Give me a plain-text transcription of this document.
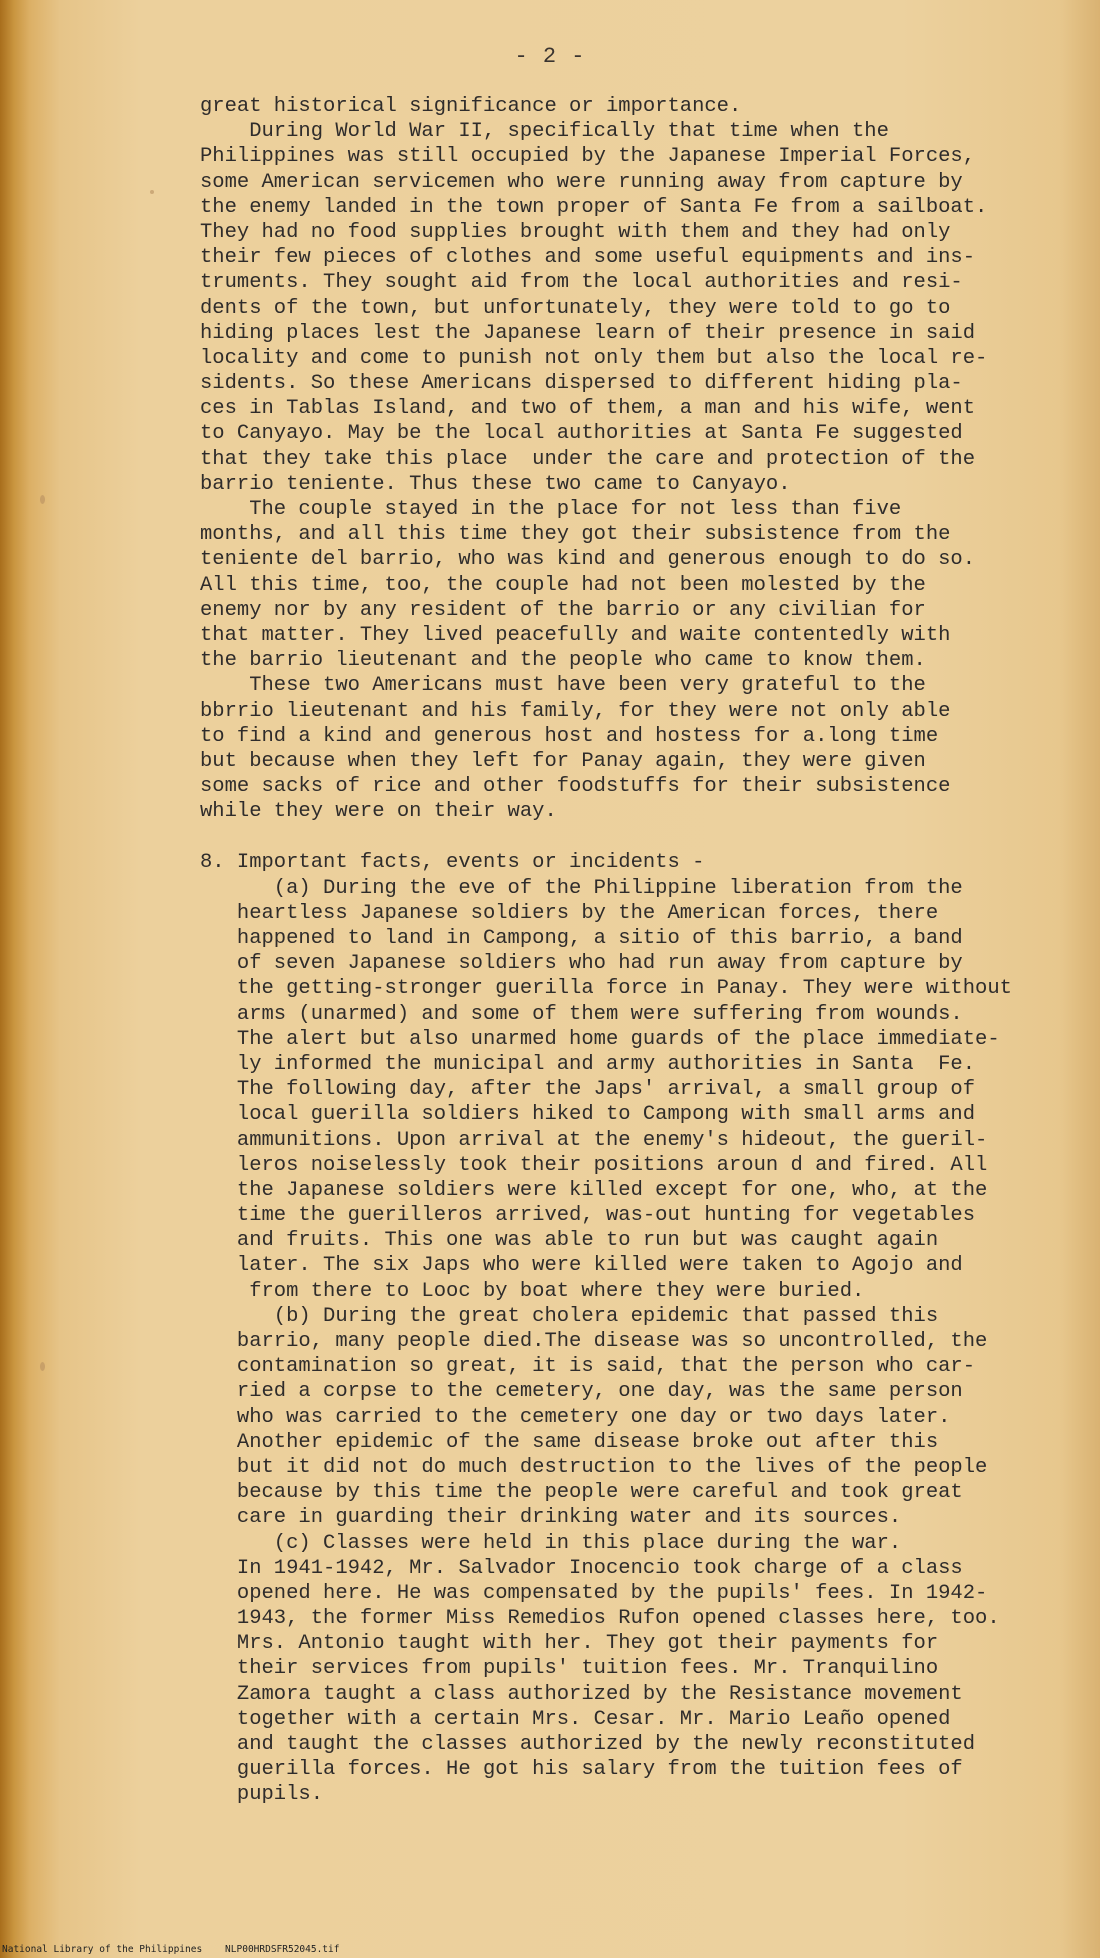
- 2 -
great historical significance or importance.
During World War II, specifically that time when the
Philippines was still occupied by the Japanese Imperial Forces,
some American servicemen who were running away from capture by
the enemy landed in the town proper of Santa Fe from a sailboat.
They had no food supplies brought with them and they had only
their few pieces of clothes and some useful equipments and ins-
truments. They sought aid from the local authorities and resi-
dents of the town, but unfortunately, they were told to go to
hiding places lest the Japanese learn of their presence in said
locality and come to punish not only them but also the local re-
sidents. So these Americans dispersed to different hiding pla-
ces in Tablas Island, and two of them, a man and his wife, went
to Canyayo. May be the local authorities at Santa Fe suggested
that they take this place  under the care and protection of the
barrio teniente. Thus these two came to Canyayo.
The couple stayed in the place for not less than five
months, and all this time they got their subsistence from the
teniente del barrio, who was kind and generous enough to do so.
All this time, too, the couple had not been molested by the
enemy nor by any resident of the barrio or any civilian for
that matter. They lived peacefully and waite contentedly with
the barrio lieutenant and the people who came to know them.
These two Americans must have been very grateful to the
bbrrio lieutenant and his family, for they were not only able
to find a kind and generous host and hostess for a.long time
but because when they left for Panay again, they were given
some sacks of rice and other foodstuffs for their subsistence
while they were on their way.
8. Important facts, events or incidents -
(a) During the eve of the Philippine liberation from the
heartless Japanese soldiers by the American forces, there
happened to land in Campong, a sitio of this barrio, a band
of seven Japanese soldiers who had run away from capture by
the getting-stronger guerilla force in Panay. They were without
arms (unarmed) and some of them were suffering from wounds.
The alert but also unarmed home guards of the place immediate-
ly informed the municipal and army authorities in Santa  Fe.
The following day, after the Japs' arrival, a small group of
local guerilla soldiers hiked to Campong with small arms and
ammunitions. Upon arrival at the enemy's hideout, the gueril-
leros noiselessly took their positions aroun d and fired. All
the Japanese soldiers were killed except for one, who, at the
time the guerilleros arrived, was-out hunting for vegetables
and fruits. This one was able to run but was caught again
later. The six Japs who were killed were taken to Agojo and
from there to Looc by boat where they were buried.
(b) During the great cholera epidemic that passed this
barrio, many people died.The disease was so uncontrolled, the
contamination so great, it is said, that the person who car-
ried a corpse to the cemetery, one day, was the same person
who was carried to the cemetery one day or two days later.
Another epidemic of the same disease broke out after this
but it did not do much destruction to the lives of the people
because by this time the people were careful and took great
care in guarding their drinking water and its sources.
(c) Classes were held in this place during the war.
In 1941-1942, Mr. Salvador Inocencio took charge of a class
opened here. He was compensated by the pupils' fees. In 1942-
1943, the former Miss Remedios Rufon opened classes here, too.
Mrs. Antonio taught with her. They got their payments for
their services from pupils' tuition fees. Mr. Tranquilino
Zamora taught a class authorized by the Resistance movement
together with a certain Mrs. Cesar. Mr. Mario Leaño opened
and taught the classes authorized by the newly reconstituted
guerilla forces. He got his salary from the tuition fees of
pupils.
National Library of the Philippines    NLP00HRDSFR52045.tif
